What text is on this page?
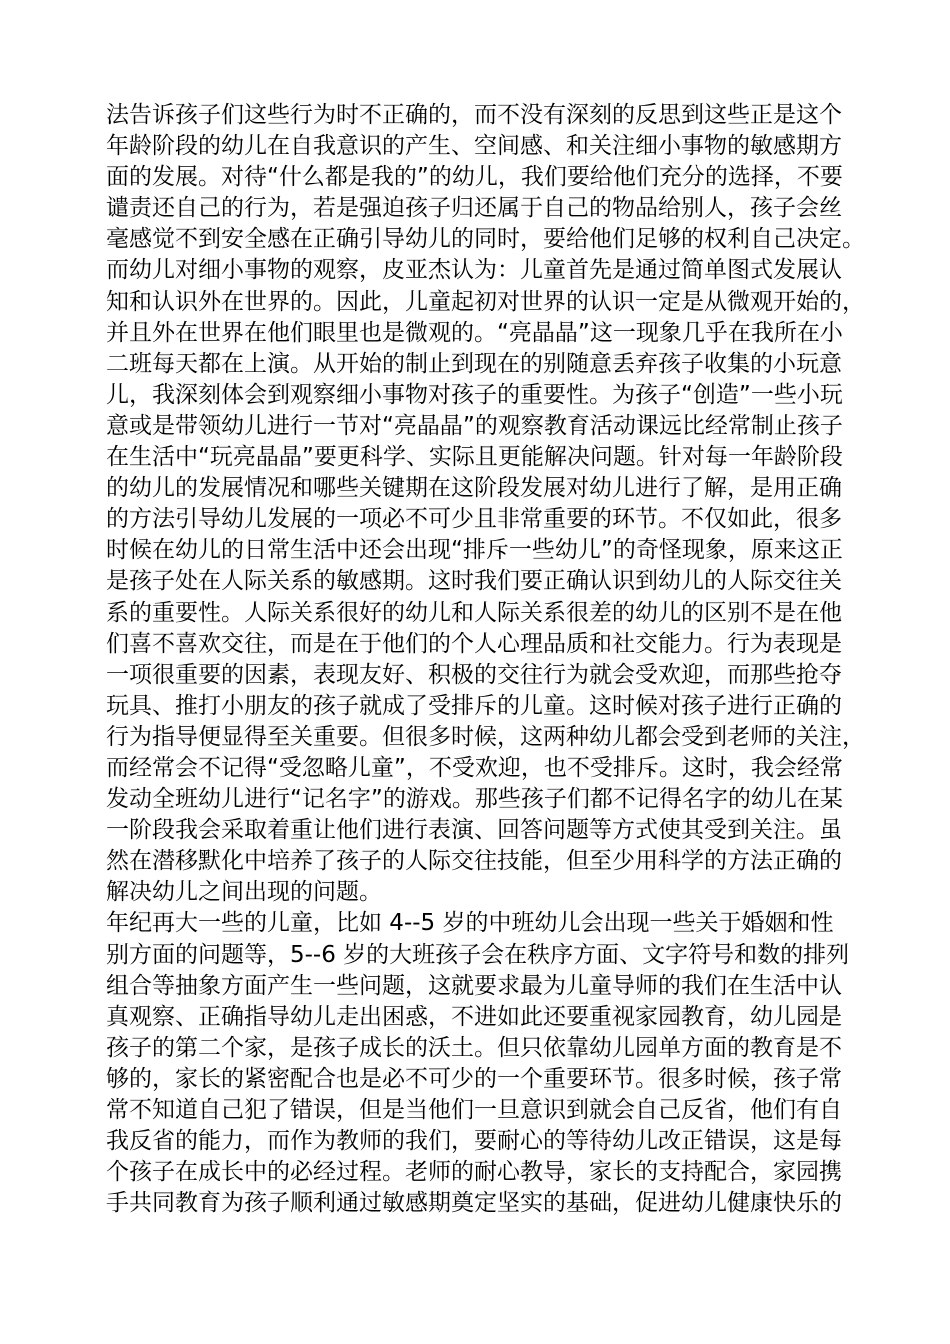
法告诉孩子们这些行为时不正确的，而不没有深刻的反思到这些正是这个
年龄阶段的幼儿在自我意识的产生、空间感、和关注细小事物的敏感期方
面的发展。对待“什么都是我的”的幼儿，我们要给他们充分的选择，不要
谴责还自己的行为，若是强迫孩子归还属于自己的物品给别人，孩子会丝
毫感觉不到安全感在正确引导幼儿的同时，要给他们足够的权利自己决定。
而幼儿对细小事物的观察，皮亚杰认为：儿童首先是通过简单图式发展认
知和认识外在世界的。因此，儿童起初对世界的认识一定是从微观开始的，
并且外在世界在他们眼里也是微观的。“亮晶晶”这一现象几乎在我所在小
二班每天都在上演。从开始的制止到现在的别随意丢弃孩子收集的小玩意
儿，我深刻体会到观察细小事物对孩子的重要性。为孩子“创造”一些小玩
意或是带领幼儿进行一节对“亮晶晶”的观察教育活动课远比经常制止孩子
在生活中“玩亮晶晶”要更科学、实际且更能解决问题。针对每一年龄阶段
的幼儿的发展情况和哪些关键期在这阶段发展对幼儿进行了解，是用正确
的方法引导幼儿发展的一项必不可少且非常重要的环节。不仅如此，很多
时候在幼儿的日常生活中还会出现“排斥一些幼儿”的奇怪现象，原来这正
是孩子处在人际关系的敏感期。这时我们要正确认识到幼儿的人际交往关
系的重要性。人际关系很好的幼儿和人际关系很差的幼儿的区别不是在他
们喜不喜欢交往，而是在于他们的个人心理品质和社交能力。行为表现是
一项很重要的因素，表现友好、积极的交往行为就会受欢迎，而那些抢夺
玩具、推打小朋友的孩子就成了受排斥的儿童。这时候对孩子进行正确的
行为指导便显得至关重要。但很多时候，这两种幼儿都会受到老师的关注，
而经常会不记得“受忽略儿童”，不受欢迎，也不受排斥。这时，我会经常
发动全班幼儿进行“记名字”的游戏。那些孩子们都不记得名字的幼儿在某
一阶段我会采取着重让他们进行表演、回答问题等方式使其受到关注。虽
然在潜移默化中培养了孩子的人际交往技能，但至少用科学的方法正确的
解决幼儿之间出现的问题。
年纪再大一些的儿童，比如 4--5 岁的中班幼儿会出现一些关于婚姻和性
别方面的问题等，5--6 岁的大班孩子会在秩序方面、文字符号和数的排列
组合等抽象方面产生一些问题，这就要求最为儿童导师的我们在生活中认
真观察、正确指导幼儿走出困惑，不进如此还要重视家园教育，幼儿园是
孩子的第二个家，是孩子成长的沃土。但只依靠幼儿园单方面的教育是不
够的，家长的紧密配合也是必不可少的一个重要环节。很多时候，孩子常
常不知道自己犯了错误，但是当他们一旦意识到就会自己反省，他们有自
我反省的能力，而作为教师的我们，要耐心的等待幼儿改正错误，这是每
个孩子在成长中的必经过程。老师的耐心教导，家长的支持配合，家园携
手共同教育为孩子顺利通过敏感期奠定坚实的基础，促进幼儿健康快乐的
